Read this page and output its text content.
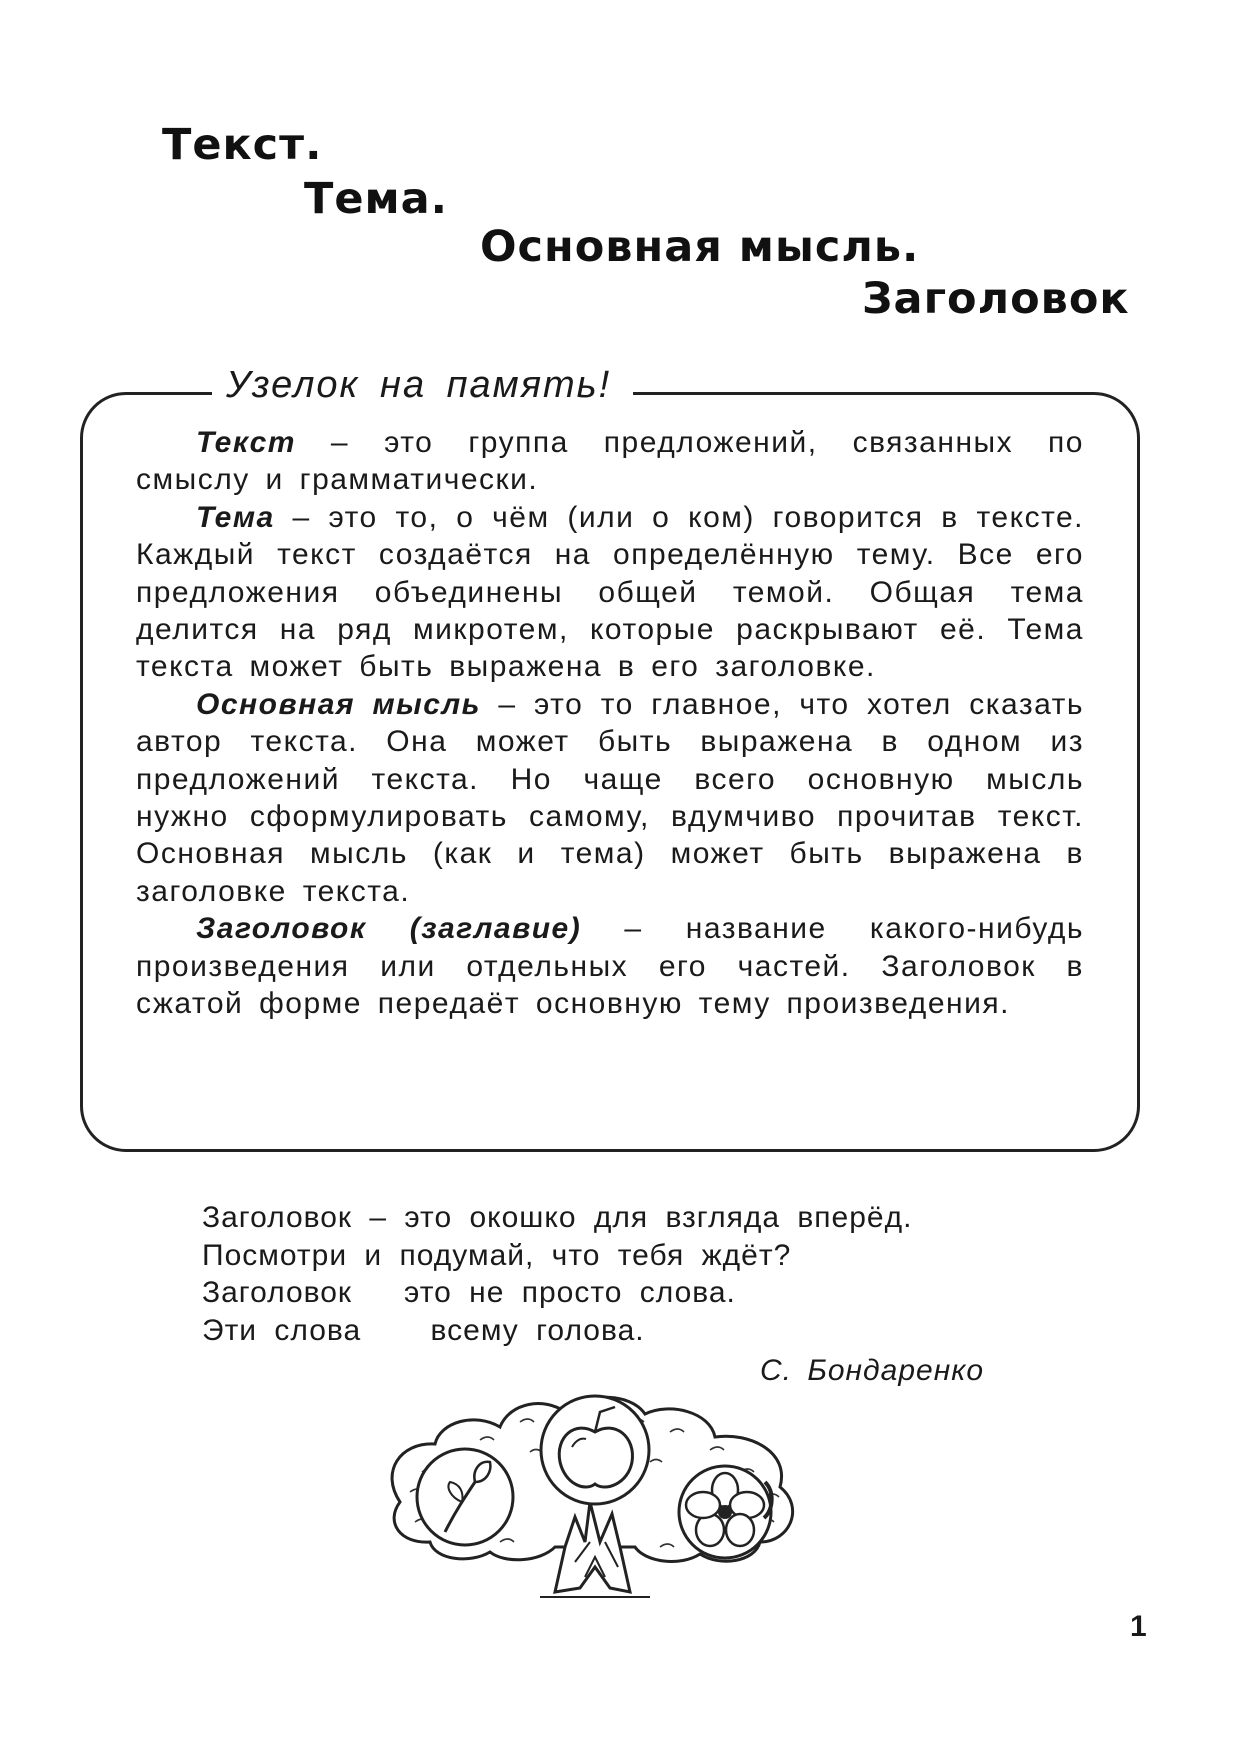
Текст.
Тема.
Основная мысль.
Заголовок
Узелок на память!

Текст – это группа предложений, связанных по смыслу и грамматически.

Тема – это то, о чём (или о ком) говорится в тексте. Каждый текст создаётся на определённую тему. Все его предложения объединены общей темой. Общая тема делится на ряд микротем, которые раскрывают её. Тема текста может быть выражена в его заголовке.

Основная мысль – это то главное, что хотел сказать автор текста. Она может быть выражена в одном из предложений текста. Но чаще всего основную мысль нужно сформулировать самому, вдумчиво прочитав текст. Основная мысль (как и тема) может быть выражена в заголовке текста.

Заголовок (заглавие) – название какого-нибудь произведения или отдельных его частей. Заголовок в сжатой форме передаёт основную тему произведения.

Заголовок – это окошко для взгляда вперёд.
Посмотри и подумай, что тебя ждёт?
Заголовок   это не просто слова.
Эти слова    всему голова.
С. Бондаренко
1
